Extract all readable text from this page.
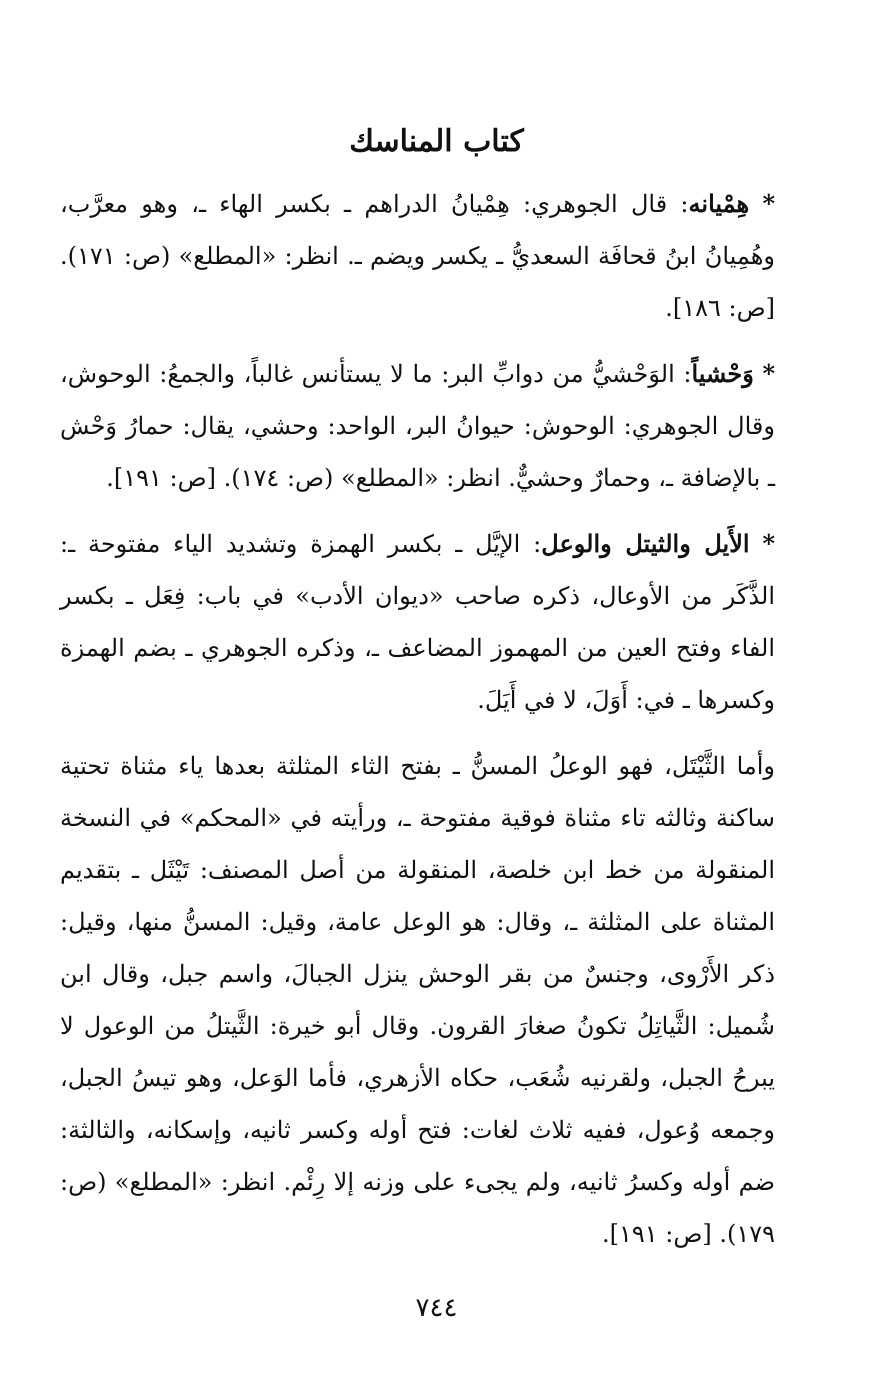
كتاب المناسك

* هِمْيانه: قال الجوهري: هِمْيانُ الدراهم ـ بكسر الهاء ـ، وهو معرَّب، وهُمِيانُ ابنُ قحافَة السعديُّ ـ يكسر ويضم ـ. انظر: «المطلع» (ص: ١٧١). [ص: ١٨٦].

* وَحْشياً: الوَحْشيُّ من دوابِّ البر: ما لا يستأنس غالباً، والجمعُ: الوحوش، وقال الجوهري: الوحوش: حيوانُ البر، الواحد: وحشي، يقال: حمارُ وَحْش ـ بالإضافة ـ، وحمارٌ وحشيٌّ. انظر: «المطلع» (ص: ١٧٤). [ص: ١٩١].

* الأَيل والثيتل والوعل: الإيَّل ـ بكسر الهمزة وتشديد الياء مفتوحة ـ: الذَّكَر من الأوعال، ذكره صاحب «ديوان الأدب» في باب: فِعَل ـ بكسر الفاء وفتح العين من المهموز المضاعف ـ، وذكره الجوهري ـ بضم الهمزة وكسرها ـ في: أَوَلَ، لا في أَيَلَ.

وأما الثَّيْتَل، فهو الوعلُ المسنُّ ـ بفتح الثاء المثلثة بعدها ياء مثناة تحتية ساكنة وثالثه تاء مثناة فوقية مفتوحة ـ، ورأيته في «المحكم» في النسخة المنقولة من خط ابن خلصة، المنقولة من أصل المصنف: تَيْثَل ـ بتقديم المثناة على المثلثة ـ، وقال: هو الوعل عامة، وقيل: المسنُّ منها، وقيل: ذكر الأَرْوى، وجنسٌ من بقر الوحش ينزل الجبالَ، واسم جبل، وقال ابن شُميل: الثَّياتِلُ تكونُ صغارَ القرون. وقال أبو خيرة: الثَّيتلُ من الوعول لا يبرحُ الجبل، ولقرنيه شُعَب، حكاه الأزهري، فأما الوَعل، وهو تيسُ الجبل، وجمعه وُعول، ففيه ثلاث لغات: فتح أوله وكسر ثانيه، وإسكانه، والثالثة: ضم أوله وكسرُ ثانيه، ولم يجىء على وزنه إلا رِئْم. انظر: «المطلع» (ص: ١٧٩). [ص: ١٩١].

٧٤٤
